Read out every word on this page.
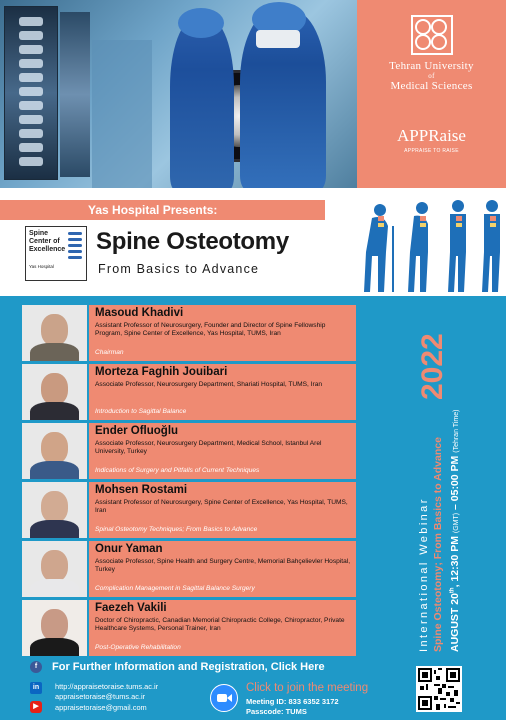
Tehran University
of
Medical Sciences
APPRaise
APPRAISE TO RAISE
Yas Hospital Presents:
Spine
Center of
Excellence
Yas Hospital
Spine Osteotomy
From Basics to Advance
Masoud Khadivi
Assistant Professor of Neurosurgery, Founder and Director of Spine Fellowship Program, Spine Center of Excellence, Yas Hospital, TUMS, Iran
Chairman
Morteza Faghih Jouibari
Associate Professor, Neurosurgery Department, Shariati Hospital, TUMS, Iran
Introduction to Sagittal Balance
Ender Ofluoğlu
Associate Professor, Neurosurgery Department, Medical School, Istanbul Arel University, Turkey
Indications of Surgery and Pitfalls of Current Techniques
Mohsen Rostami
Assistant Professor of Neurosurgery, Spine Center of Excellence, Yas Hospital, TUMS, Iran
Spinal Osteotomy Techniques; From Basics to Advance
Onur Yaman
Associate Professor, Spine Health and Surgery Centre, Memorial Bahçelievler Hospital, Turkey
Complication Management in Sagittal Balance Surgery
Faezeh Vakili
Doctor of Chiropractic, Canadian Memorial Chiropractic College, Chiropractor, Private Healthcare Systems, Personal Trainer, Iran
Post-Operative Rehabilitation	International Webinar
2022
Spine Osteotomy; From Basics to Advance AUGUST 20th, 12:30 PM (GMT) – 05:00 PM (Tehran Time)
f	For Further Information and Registration, Click Here
in	http://appraisetoraise.tums.ac.ir
appraisetoraise@tums.ac.ir
▶	appraisetoraise@gmail.com
Click to join the meeting
Meeting ID: 833 6352 3172
Passcode: TUMS
